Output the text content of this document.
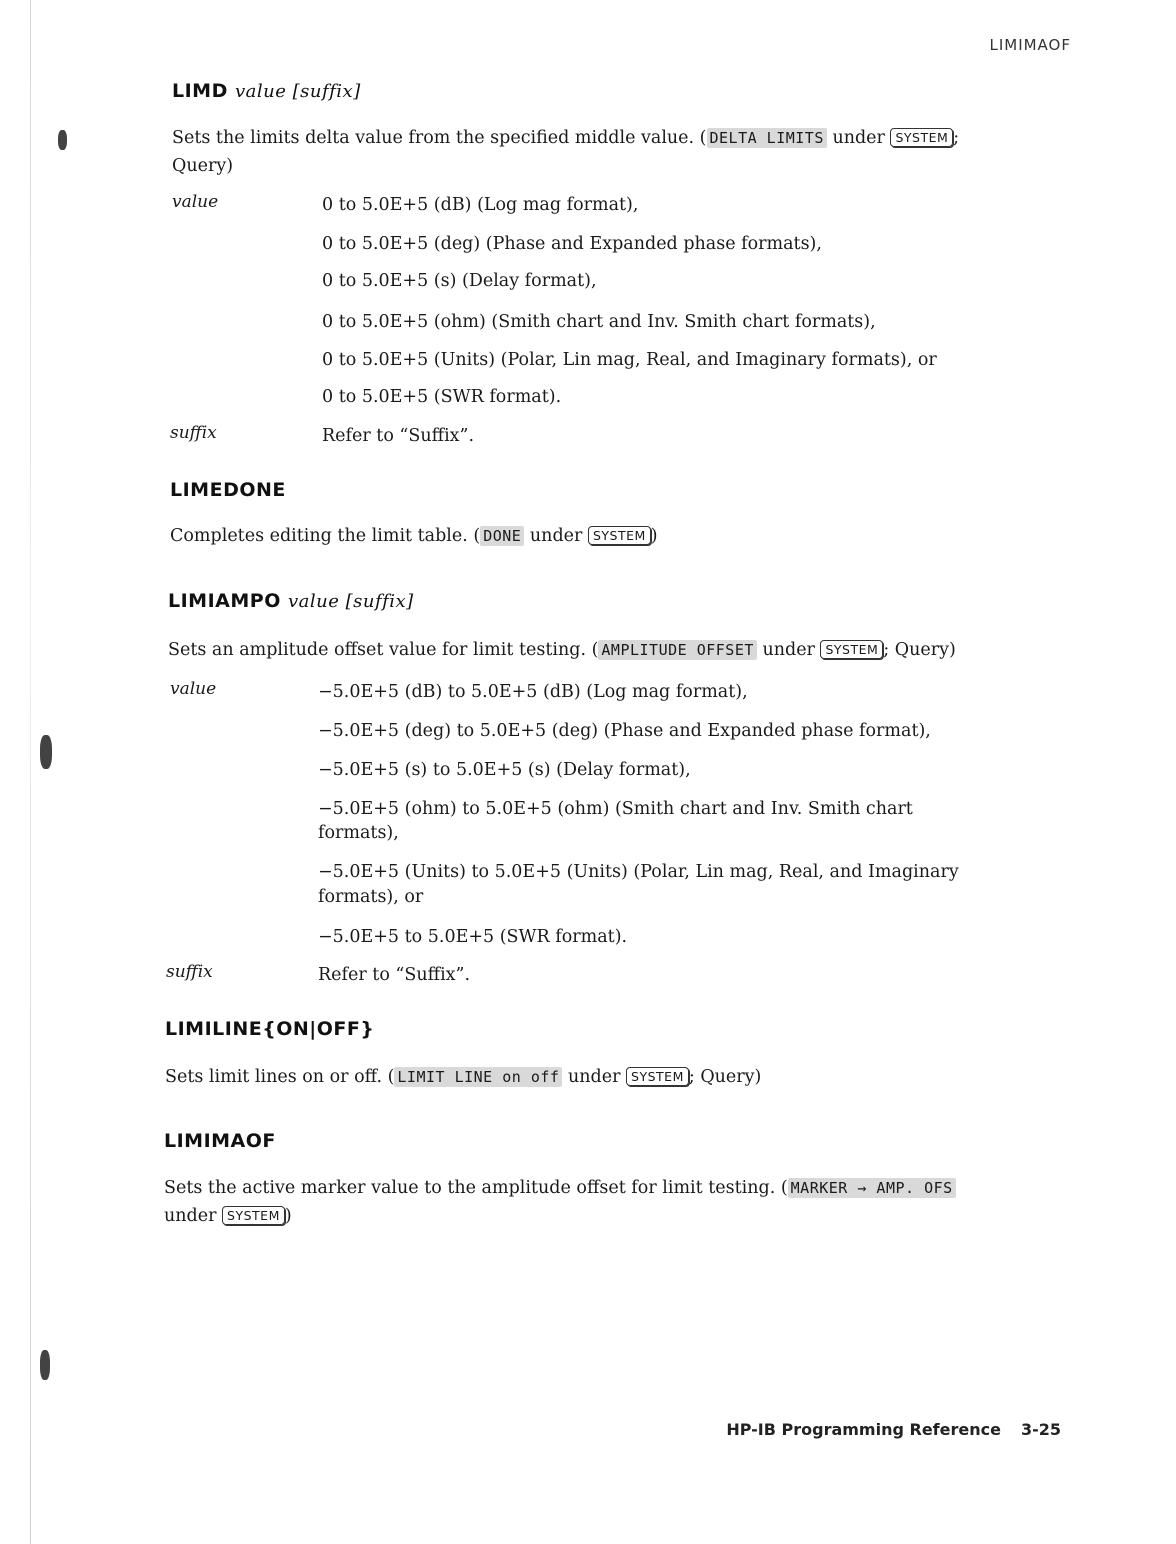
LIMIMAOF
LIMD value [suffix]
Sets the limits delta value from the specified middle value. ( DELTA LIMITS under SYSTEM ;
Query)
value	0 to 5.0E+5 (dB) (Log mag format),
0 to 5.0E+5 (deg) (Phase and Expanded phase formats),
0 to 5.0E+5 (s) (Delay format),
0 to 5.0E+5 (ohm) (Smith chart and Inv. Smith chart formats),
0 to 5.0E+5 (Units) (Polar, Lin mag, Real, and Imaginary formats), or
0 to 5.0E+5 (SWR format).
suffix	Refer to “Suffix”.
LIMEDONE
Completes editing the limit table. ( DONE under SYSTEM )
LIMIAMPO value [suffix]
Sets an amplitude offset value for limit testing. ( AMPLITUDE OFFSET under SYSTEM ; Query)
value	−5.0E+5 (dB) to 5.0E+5 (dB) (Log mag format),
−5.0E+5 (deg) to 5.0E+5 (deg) (Phase and Expanded phase format),
−5.0E+5 (s) to 5.0E+5 (s) (Delay format),
−5.0E+5 (ohm) to 5.0E+5 (ohm) (Smith chart and Inv. Smith chart
formats),
−5.0E+5 (Units) to 5.0E+5 (Units) (Polar, Lin mag, Real, and Imaginary
formats), or
−5.0E+5 to 5.0E+5 (SWR format).
suffix	Refer to “Suffix”.
LIMILINE{ON|OFF}
Sets limit lines on or off. ( LIMIT LINE on off under SYSTEM ; Query)
LIMIMAOF
Sets the active marker value to the amplitude offset for limit testing. ( MARKER → AMP. OFS
under SYSTEM )
HP-IB Programming Reference 3-25
